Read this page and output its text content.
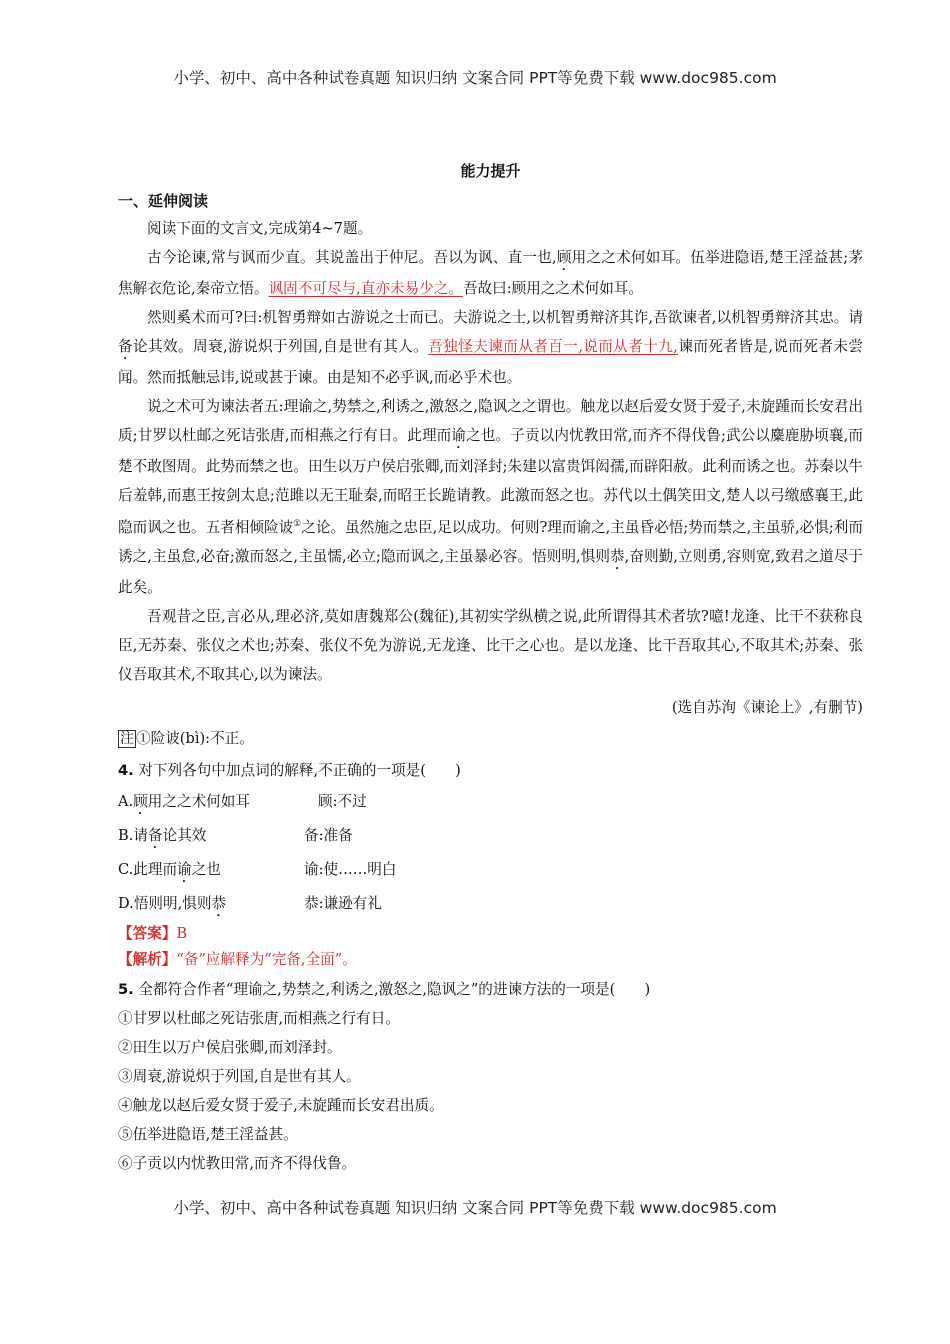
小学、初中、高中各种试卷真题 知识归纳 文案合同 PPT等免费下载 www.doc985.com
能力提升
一、延伸阅读

阅读下面的文言文,完成第4~7题。

古今论谏,常与讽而少直。其说盖出于仲尼。吾以为讽、直一也,顾用之之术何如耳。伍举进隐语,楚王淫益甚;茅焦解衣危论,秦帝立悟。讽固不可尽与,直亦未易少之。吾故曰:顾用之之术何如耳。

然则奚术而可?曰:机智勇辩如古游说之士而已。夫游说之士,以机智勇辩济其诈,吾欲谏者,以机智勇辩济其忠。请备论其效。周衰,游说炽于列国,自是世有其人。吾独怪夫谏而从者百一,说而从者十九,谏而死者皆是,说而死者未尝闻。然而抵触忌讳,说或甚于谏。由是知不必乎讽,而必乎术也。

说之术可为谏法者五:理谕之,势禁之,利诱之,激怒之,隐讽之之谓也。触龙以赵后爱女贤于爱子,未旋踵而长安君出质;甘罗以杜邮之死诘张唐,而相燕之行有日。此理而谕之也。子贡以内忧教田常,而齐不得伐鲁;武公以麋鹿胁顷襄,而楚不敢图周。此势而禁之也。田生以万户侯启张卿,而刘泽封;朱建以富贵饵闳孺,而辟阳赦。此利而诱之也。苏秦以牛后羞韩,而惠王按剑太息;范雎以无王耻秦,而昭王长跪请教。此激而怒之也。苏代以土偶笑田文,楚人以弓缴感襄王,此隐而讽之也。五者相倾险诐①之论。虽然施之忠臣,足以成功。何则?理而谕之,主虽昏必悟;势而禁之,主虽骄,必惧;利而诱之,主虽怠,必奋;激而怒之,主虽懦,必立;隐而讽之,主虽暴必容。悟则明,惧则恭,奋则勤,立则勇,容则宽,致君之道尽于此矣。

吾观昔之臣,言必从,理必济,莫如唐魏郑公(魏征),其初实学纵横之说,此所谓得其术者欤?噫!龙逢、比干不获称良臣,无苏秦、张仪之术也;苏秦、张仪不免为游说,无龙逢、比干之心也。是以龙逢、比干吾取其心,不取其术;苏秦、张仪吾取其术,不取其心,以为谏法。

(选自苏洵《谏论上》,有删节)

注 ①险诐(bì):不正。

4. 对下列各句中加点词的解释,不正确的一项是(　　)

A.顾用之之术何如耳	顾:不过
B.请备论其效	备:准备
C.此理而谕之也	谕:使……明白
D.悟则明,惧则恭	恭:谦逊有礼

【答案】B

【解析】“备”应解释为“完备,全面”。

5. 全都符合作者“理谕之,势禁之,利诱之,激怒之,隐讽之”的进谏方法的一项是(　　)

①甘罗以杜邮之死诘张唐,而相燕之行有日。

②田生以万户侯启张卿,而刘泽封。

③周衰,游说炽于列国,自是世有其人。

④触龙以赵后爱女贤于爱子,未旋踵而长安君出质。

⑤伍举进隐语,楚王淫益甚。

⑥子贡以内忧教田常,而齐不得伐鲁。

小学、初中、高中各种试卷真题 知识归纳 文案合同 PPT等免费下载 www.doc985.com
